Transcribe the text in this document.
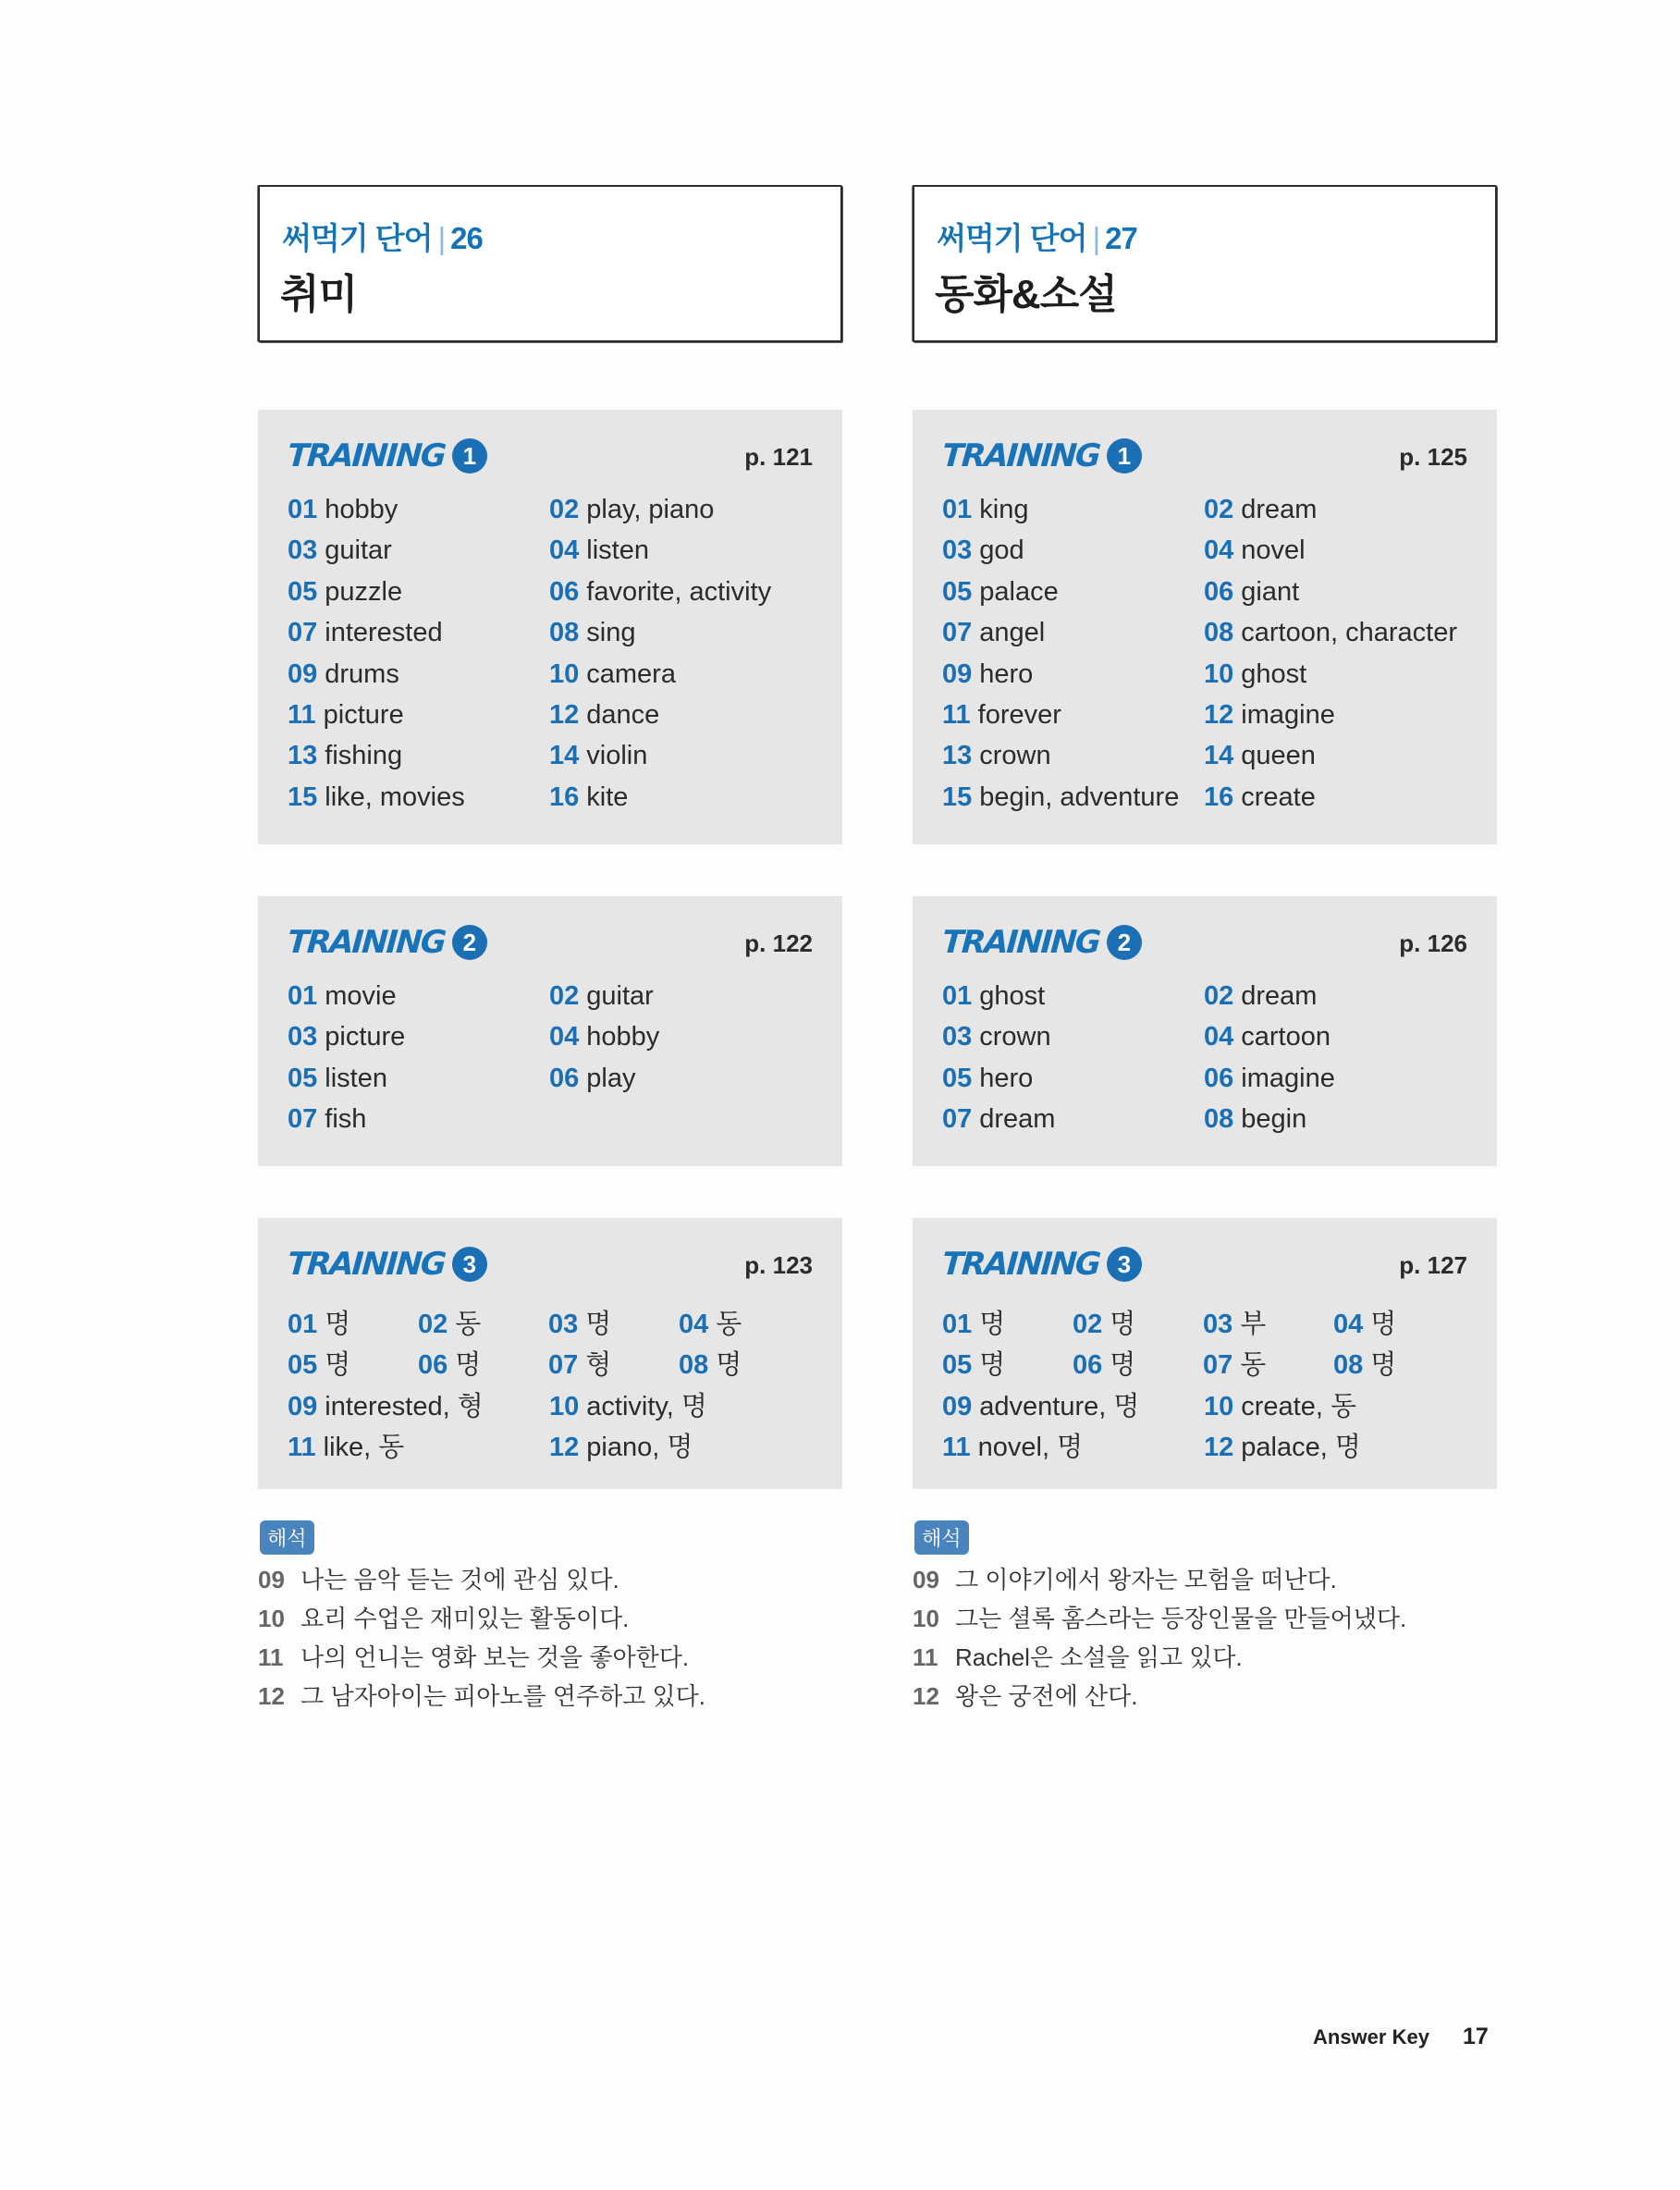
써먹기 단어 | 26
취미
TRAINING 1	p. 121
01 hobby	02 play, piano
03 guitar	04 listen
05 puzzle	06 favorite, activity
07 interested	08 sing
09 drums	10 camera
11 picture	12 dance
13 fishing	14 violin
15 like, movies	16 kite
TRAINING 2	p. 122
01 movie	02 guitar
03 picture	04 hobby
05 listen	06 play
07 fish
TRAINING 3	p. 123
01 명	02 동	03 명	04 동
05 명	06 명	07 형	08 명
09 interested, 형 10 activity, 명
11 like, 동	12 piano, 명
해석
09 나는 음악 듣는 것에 관심 있다.
10 요리 수업은 재미있는 활동이다.
11 나의 언니는 영화 보는 것을 좋아한다.
12 그 남자아이는 피아노를 연주하고 있다.
써먹기 단어 | 27
동화&소설
TRAINING 1	p. 125
01 king	02 dream
03 god	04 novel
05 palace	06 giant
07 angel	08 cartoon, character
09 hero	10 ghost
11 forever	12 imagine
13 crown	14 queen
15 begin, adventure 16 create
TRAINING 2	p. 126
01 ghost	02 dream
03 crown	04 cartoon
05 hero	06 imagine
07 dream	08 begin
TRAINING 3	p. 127
01 명	02 명	03 부	04 명
05 명	06 명	07 동	08 명
09 adventure, 명 10 create, 동
11 novel, 명	12 palace, 명
해석
09 그 이야기에서 왕자는 모험을 떠난다.
10 그는 셜록 홈스라는 등장인물을 만들어냈다.
11 Rachel은 소설을 읽고 있다.
12 왕은 궁전에 산다.
Answer Key 17
